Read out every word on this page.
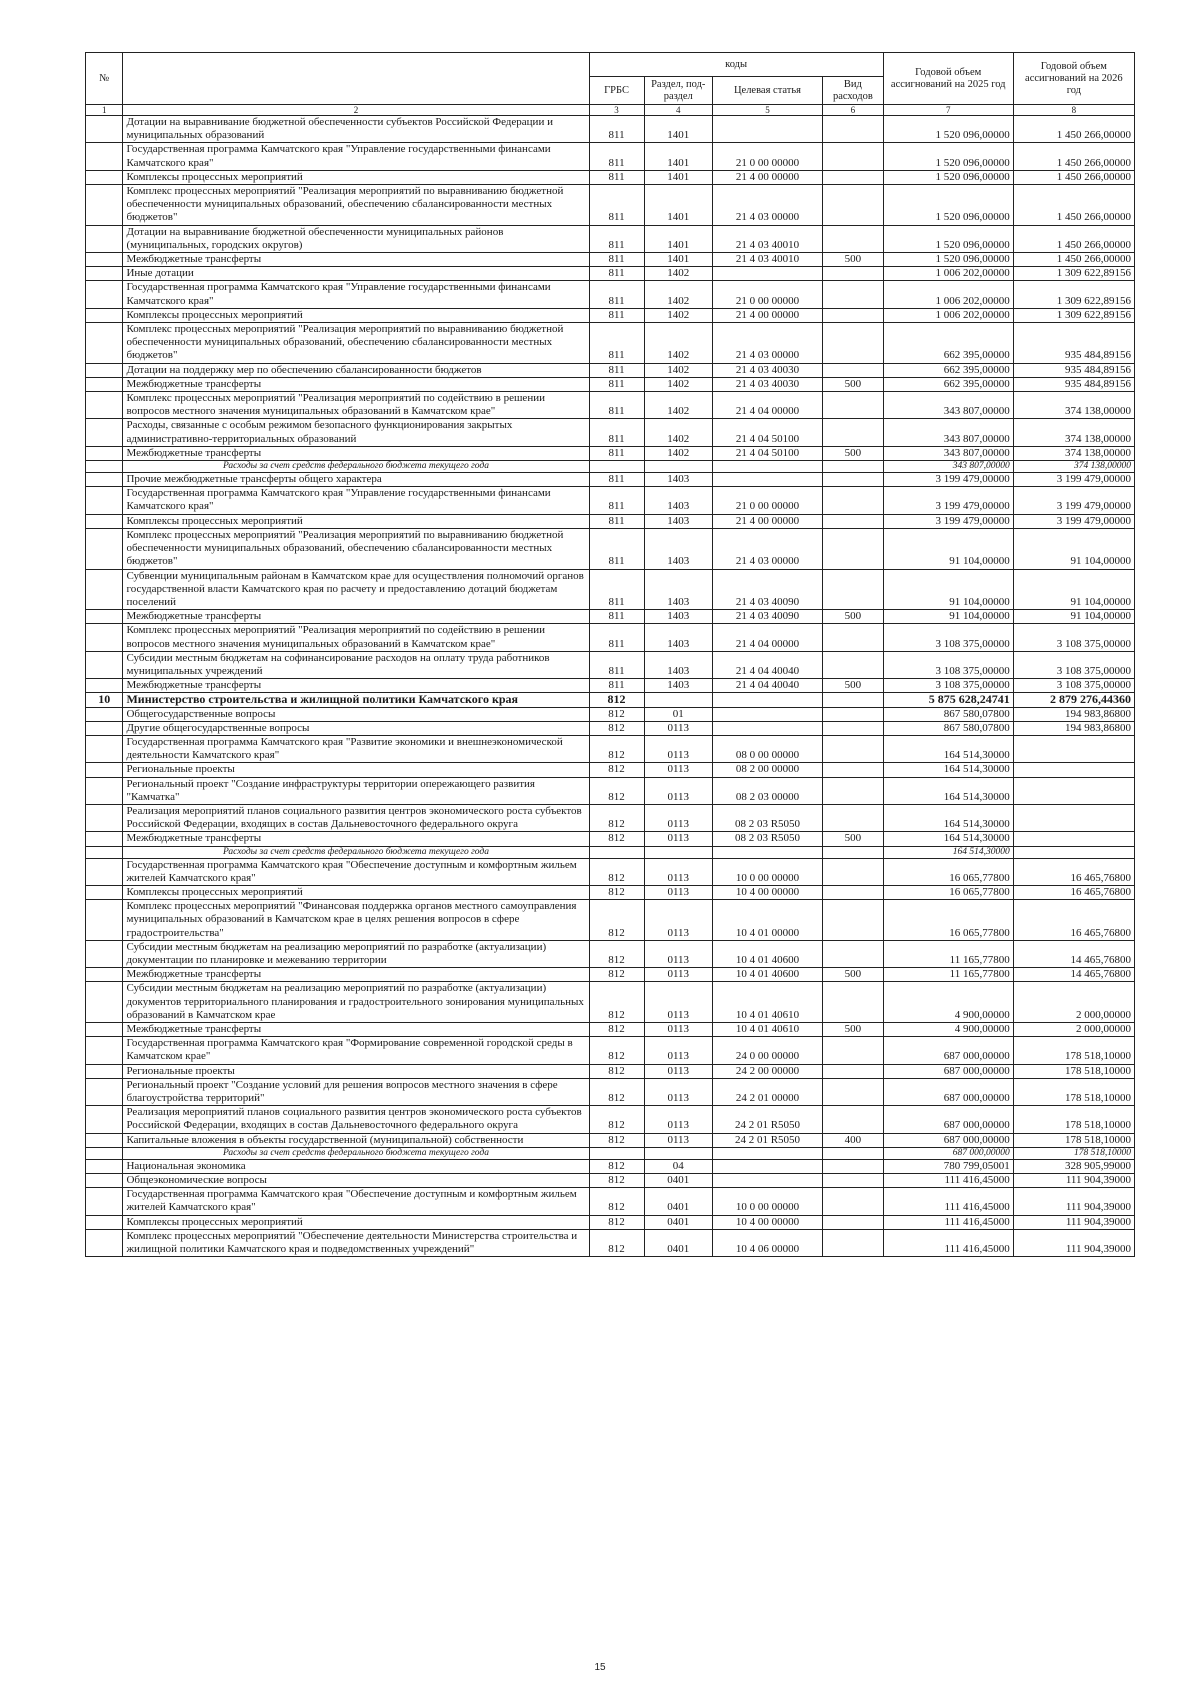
№		коды				Годовой объем ассигнований на 2025 год	Годовой объем ассигнований на 2026 год
		ГРБС	Раздел, под-раздел	Целевая статья	Вид расходов		
1	2	3	4	5	6	7	8
	Дотации на выравнивание бюджетной обеспеченности субъектов Российской Федерации и муниципальных образований	811	1401			1 520 096,00000	1 450 266,00000
	Государственная программа Камчатского края "Управление государственными финансами Камчатского края"	811	1401	21 0 00 00000		1 520 096,00000	1 450 266,00000
	Комплексы процессных мероприятий	811	1401	21 4 00 00000		1 520 096,00000	1 450 266,00000
	Комплекс процессных мероприятий "Реализация мероприятий по выравниванию бюджетной обеспеченности муниципальных образований, обеспечению сбалансированности местных бюджетов"	811	1401	21 4 03 00000		1 520 096,00000	1 450 266,00000
	Дотации на выравнивание бюджетной обеспеченности муниципальных районов (муниципальных, городских округов)	811	1401	21 4 03 40010		1 520 096,00000	1 450 266,00000
	Межбюджетные трансферты	811	1401	21 4 03 40010	500	1 520 096,00000	1 450 266,00000
	Иные дотации	811	1402			1 006 202,00000	1 309 622,89156
	Государственная программа Камчатского края "Управление государственными финансами Камчатского края"	811	1402	21 0 00 00000		1 006 202,00000	1 309 622,89156
	Комплексы процессных мероприятий	811	1402	21 4 00 00000		1 006 202,00000	1 309 622,89156
	Комплекс процессных мероприятий "Реализация мероприятий по выравниванию бюджетной обеспеченности муниципальных образований, обеспечению сбалансированности местных бюджетов"	811	1402	21 4 03 00000		662 395,00000	935 484,89156
	Дотации на поддержку мер по обеспечению сбалансированности бюджетов	811	1402	21 4 03 40030		662 395,00000	935 484,89156
	Межбюджетные трансферты	811	1402	21 4 03 40030	500	662 395,00000	935 484,89156
	Комплекс процессных мероприятий "Реализация мероприятий по содействию в решении вопросов местного значения муниципальных образований в Камчатском крае"	811	1402	21 4 04 00000		343 807,00000	374 138,00000
	Расходы, связанные с особым режимом безопасного функционирования закрытых административно-территориальных образований	811	1402	21 4 04 50100		343 807,00000	374 138,00000
	Межбюджетные трансферты	811	1402	21 4 04 50100	500	343 807,00000	374 138,00000
	Расходы за счет средств федерального бюджета текущего года					343 807,00000	374 138,00000
	Прочие межбюджетные трансферты общего характера	811	1403			3 199 479,00000	3 199 479,00000
	Государственная программа Камчатского края "Управление государственными финансами Камчатского края"	811	1403	21 0 00 00000		3 199 479,00000	3 199 479,00000
	Комплексы процессных мероприятий	811	1403	21 4 00 00000		3 199 479,00000	3 199 479,00000
	Комплекс процессных мероприятий "Реализация мероприятий по выравниванию бюджетной обеспеченности муниципальных образований, обеспечению сбалансированности местных бюджетов"	811	1403	21 4 03 00000		91 104,00000	91 104,00000
	Субвенции муниципальным районам в Камчатском крае для осуществления полномочий органов государственной власти Камчатского края по расчету и предоставлению дотаций бюджетам поселений	811	1403	21 4 03 40090		91 104,00000	91 104,00000
	Межбюджетные трансферты	811	1403	21 4 03 40090	500	91 104,00000	91 104,00000
	Комплекс процессных мероприятий "Реализация мероприятий по содействию в решении вопросов местного значения муниципальных образований в Камчатском крае"	811	1403	21 4 04 00000		3 108 375,00000	3 108 375,00000
	Субсидии местным бюджетам на софинансирование расходов на оплату труда работников муниципальных учреждений	811	1403	21 4 04 40040		3 108 375,00000	3 108 375,00000
	Межбюджетные трансферты	811	1403	21 4 04 40040	500	3 108 375,00000	3 108 375,00000
10	Министерство строительства и жилищной политики Камчатского края	812				5 875 628,24741	2 879 276,44360
	Общегосударственные вопросы	812	01			867 580,07800	194 983,86800
	Другие общегосударственные вопросы	812	0113			867 580,07800	194 983,86800
	Государственная программа Камчатского края "Развитие экономики и внешнеэкономической деятельности Камчатского края"	812	0113	08 0 00 00000		164 514,30000	
	Региональные проекты	812	0113	08 2 00 00000		164 514,30000	
	Региональный проект "Создание инфраструктуры территории опережающего развития "Камчатка"	812	0113	08 2 03 00000		164 514,30000	
	Реализация мероприятий планов социального развития центров экономического роста субъектов Российской Федерации, входящих в состав Дальневосточного федерального округа	812	0113	08 2 03 R5050		164 514,30000	
	Межбюджетные трансферты	812	0113	08 2 03 R5050	500	164 514,30000	
	Расходы за счет средств федерального бюджета текущего года					164 514,30000	
	Государственная программа Камчатского края "Обеспечение доступным и комфортным жильем жителей Камчатского края"	812	0113	10 0 00 00000		16 065,77800	16 465,76800
	Комплексы процессных мероприятий	812	0113	10 4 00 00000		16 065,77800	16 465,76800
	Комплекс процессных мероприятий "Финансовая поддержка органов местного самоуправления муниципальных образований в Камчатском крае в целях решения вопросов в сфере градостроительства"	812	0113	10 4 01 00000		16 065,77800	16 465,76800
	Субсидии местным бюджетам на реализацию мероприятий по разработке (актуализации) документации по планировке и межеванию территории	812	0113	10 4 01 40600		11 165,77800	14 465,76800
	Межбюджетные трансферты	812	0113	10 4 01 40600	500	11 165,77800	14 465,76800
	Субсидии местным бюджетам на реализацию мероприятий по разработке (актуализации) документов территориального планирования и градостроительного зонирования муниципальных образований в Камчатском крае	812	0113	10 4 01 40610		4 900,00000	2 000,00000
	Межбюджетные трансферты	812	0113	10 4 01 40610	500	4 900,00000	2 000,00000
	Государственная программа Камчатского края "Формирование современной городской среды в Камчатском крае"	812	0113	24 0 00 00000		687 000,00000	178 518,10000
	Региональные проекты	812	0113	24 2 00 00000		687 000,00000	178 518,10000
	Региональный проект "Создание условий для решения вопросов местного значения в сфере благоустройства территорий"	812	0113	24 2 01 00000		687 000,00000	178 518,10000
	Реализация мероприятий планов социального развития центров экономического роста субъектов Российской Федерации, входящих в состав Дальневосточного федерального округа	812	0113	24 2 01 R5050		687 000,00000	178 518,10000
	Капитальные вложения в объекты государственной (муниципальной) собственности	812	0113	24 2 01 R5050	400	687 000,00000	178 518,10000
	Расходы за счет средств федерального бюджета текущего года					687 000,00000	178 518,10000
	Национальная экономика	812	04			780 799,05001	328 905,99000
	Общеэкономические вопросы	812	0401			111 416,45000	111 904,39000
	Государственная программа Камчатского края "Обеспечение доступным и комфортным жильем жителей Камчатского края"	812	0401	10 0 00 00000		111 416,45000	111 904,39000
	Комплексы процессных мероприятий	812	0401	10 4 00 00000		111 416,45000	111 904,39000
	Комплекс процессных мероприятий "Обеспечение деятельности Министерства строительства и жилищной политики Камчатского края и подведомственных учреждений"	812	0401	10 4 06 00000		111 416,45000	111 904,39000
15
